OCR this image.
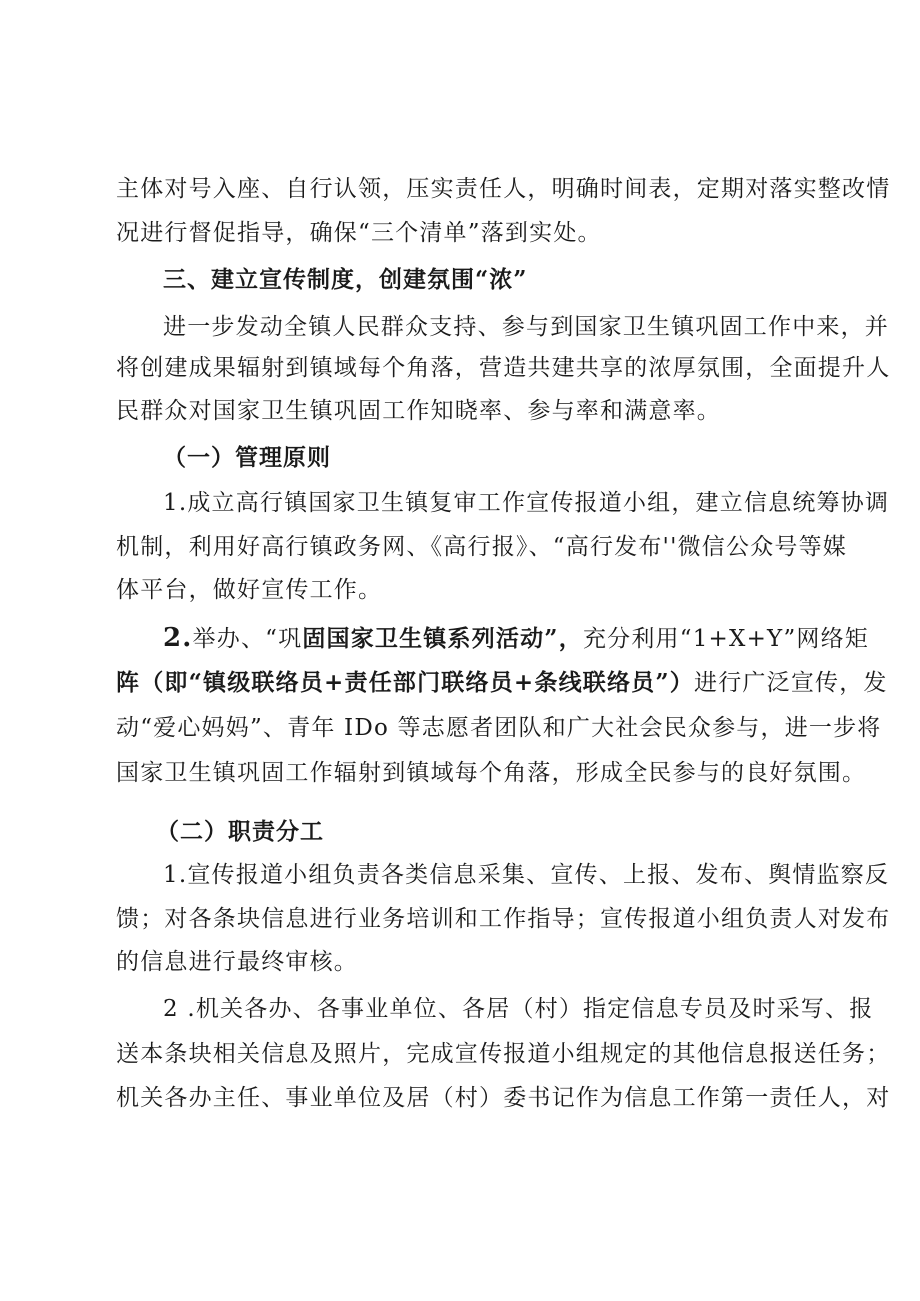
主体对号入座、自行认领，压实责任人，明确时间表，定期对落实整改情
况进行督促指导，确保“三个清单”落到实处。
三、建立宣传制度，创建氛围“浓”
进一步发动全镇人民群众支持、参与到国家卫生镇巩固工作中来，并
将创建成果辐射到镇域每个角落，营造共建共享的浓厚氛围，全面提升人
民群众对国家卫生镇巩固工作知晓率、参与率和满意率。
（一）管理原则
1.成立高行镇国家卫生镇复审工作宣传报道小组，建立信息统筹协调
机制，利用好高行镇政务网、《高行报》、“高行发布''微信公众号等媒
体平台，做好宣传工作。
2.举办、“巩固国家卫生镇系列活动”，充分利用“1+X+Y”网络矩
阵（即“镇级联络员+责任部门联络员+条线联络员”）进行广泛宣传，发
动“爱心妈妈”、青年 IDo 等志愿者团队和广大社会民众参与，进一步将
国家卫生镇巩固工作辐射到镇域每个角落，形成全民参与的良好氛围。
（二）职责分工
1.宣传报道小组负责各类信息采集、宣传、上报、发布、舆情监察反
馈；对各条块信息进行业务培训和工作指导；宣传报道小组负责人对发布
的信息进行最终审核。
2 .机关各办、各事业单位、各居（村）指定信息专员及时采写、报
送本条块相关信息及照片，完成宣传报道小组规定的其他信息报送任务；
机关各办主任、事业单位及居（村）委书记作为信息工作第一责任人，对
